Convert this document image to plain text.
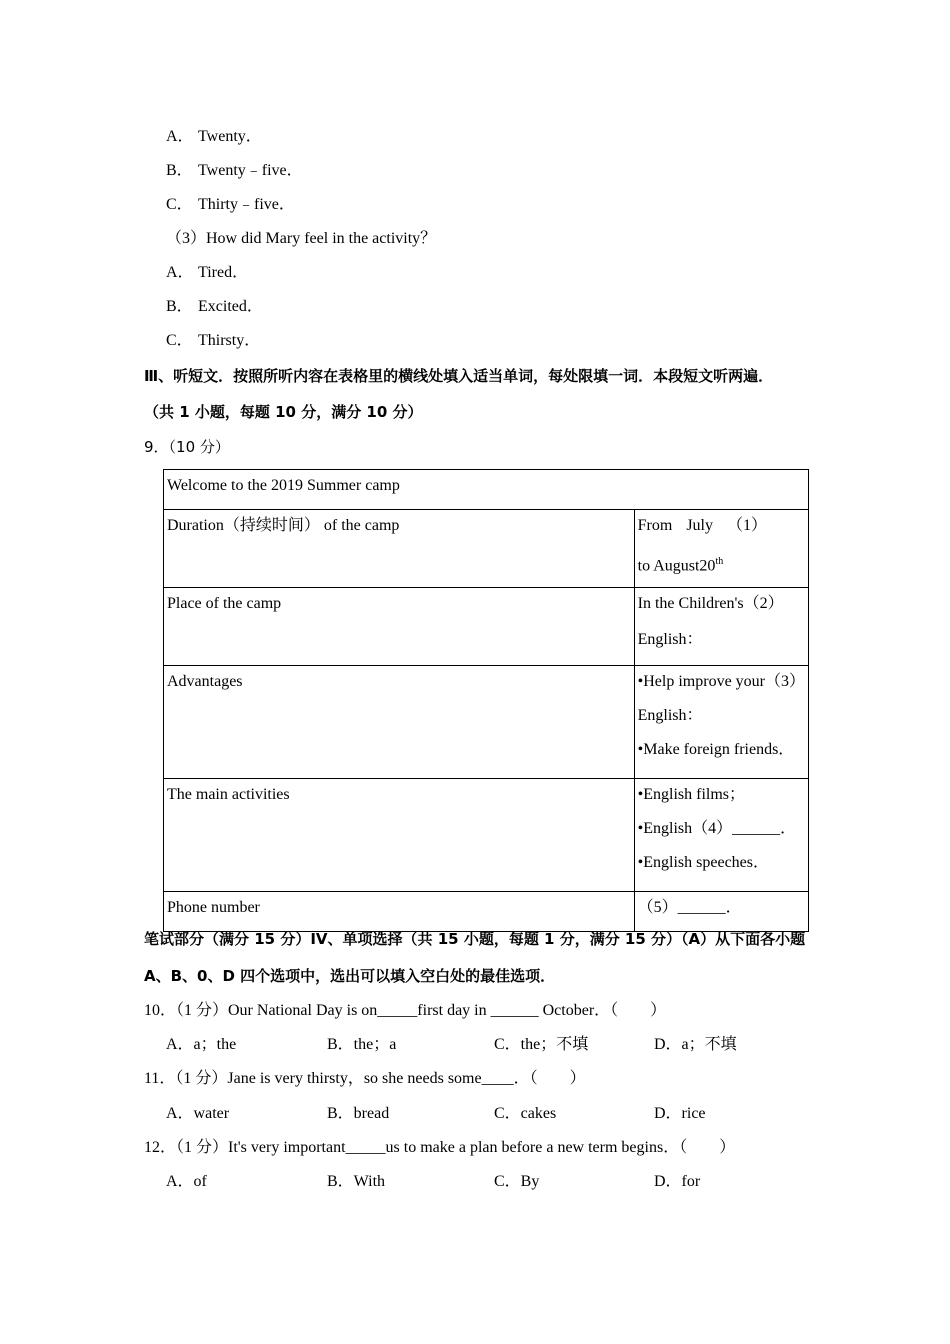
A． Twenty．
B． Twenty﹣five．
C． Thirty﹣five．
（3）How did Mary feel in the activity？
A． Tired．
B． Excited．
C． Thirsty．
Ⅲ、听短文．按照所听内容在表格里的横线处填入适当单词，每处限填一词．本段短文听两遍．
（共 1 小题，每题 10 分，满分 10 分）
9．（10 分）
Welcome to the 2019 Summer camp	
Duration（持续时间） of the camp	From July （1）
to August20th

Place of the camp	In the Children's（2）
English：

Advantages	•Help improve your（3）
English：
•Make foreign friends．

The main activities	•English films；
•English（4）______．
•English speeches．

Phone number	（5）______．
笔试部分（满分 15 分）IV、单项选择（共 15 小题，每题 1 分，满分 15 分）（A）从下面各小题
A、B、0、D 四个选项中，选出可以填入空白处的最佳选项．
10．（1 分）Our National Day is on_____first day in ______ October．（　　）
A．a；the	B．the；a	C．the；不填	D．a；不填
11．（1 分）Jane is very thirsty，so she needs some____．（　　）
A．water	B．bread	C．cakes	D．rice
12．（1 分）It's very important_____us to make a plan before a new term begins．（　　）
A．of	B．With	C．By	D．for
